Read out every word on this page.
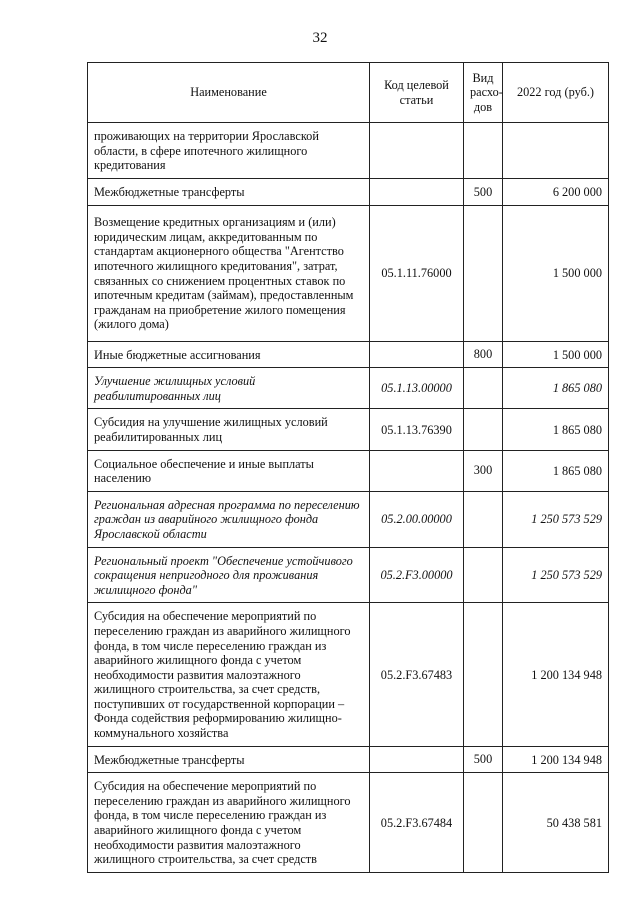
32
Наименование	Код целевой статьи	Вид расхо-дов	2022 год (руб.)
проживающих на территории Ярославской области, в сфере ипотечного жилищного кредитования			
Межбюджетные трансферты		500	6 200 000
Возмещение кредитных организациям и (или) юридическим лицам, аккредитованным по стандартам акционерного общества "Агентство ипотечного жилищного кредитования", затрат, связанных со снижением процентных ставок по ипотечным кредитам (займам), предоставленным гражданам на приобретение жилого помещения (жилого дома)	05.1.11.76000		1 500 000
Иные бюджетные ассигнования		800	1 500 000
Улучшение жилищных условий реабилитированных лиц	05.1.13.00000		1 865 080
Субсидия на улучшение жилищных условий реабилитированных лиц	05.1.13.76390		1 865 080
Социальное обеспечение и иные выплаты населению		300	1 865 080
Региональная адресная программа по переселению граждан из аварийного жилищного фонда Ярославской области	05.2.00.00000		1 250 573 529
Региональный проект "Обеспечение устойчивого сокращения непригодного для проживания жилищного фонда"	05.2.F3.00000		1 250 573 529
Субсидия на обеспечение мероприятий по переселению граждан из аварийного жилищного фонда, в том числе переселению граждан из аварийного жилищного фонда с учетом необходимости развития малоэтажного жилищного строительства, за счет средств, поступивших от государственной корпорации – Фонда содействия реформированию жилищно-коммунального хозяйства	05.2.F3.67483		1 200 134 948
Межбюджетные трансферты		500	1 200 134 948
Субсидия на обеспечение мероприятий по переселению граждан из аварийного жилищного фонда, в том числе переселению граждан из аварийного жилищного фонда с учетом необходимости развития малоэтажного жилищного строительства, за счет средств	05.2.F3.67484		50 438 581
